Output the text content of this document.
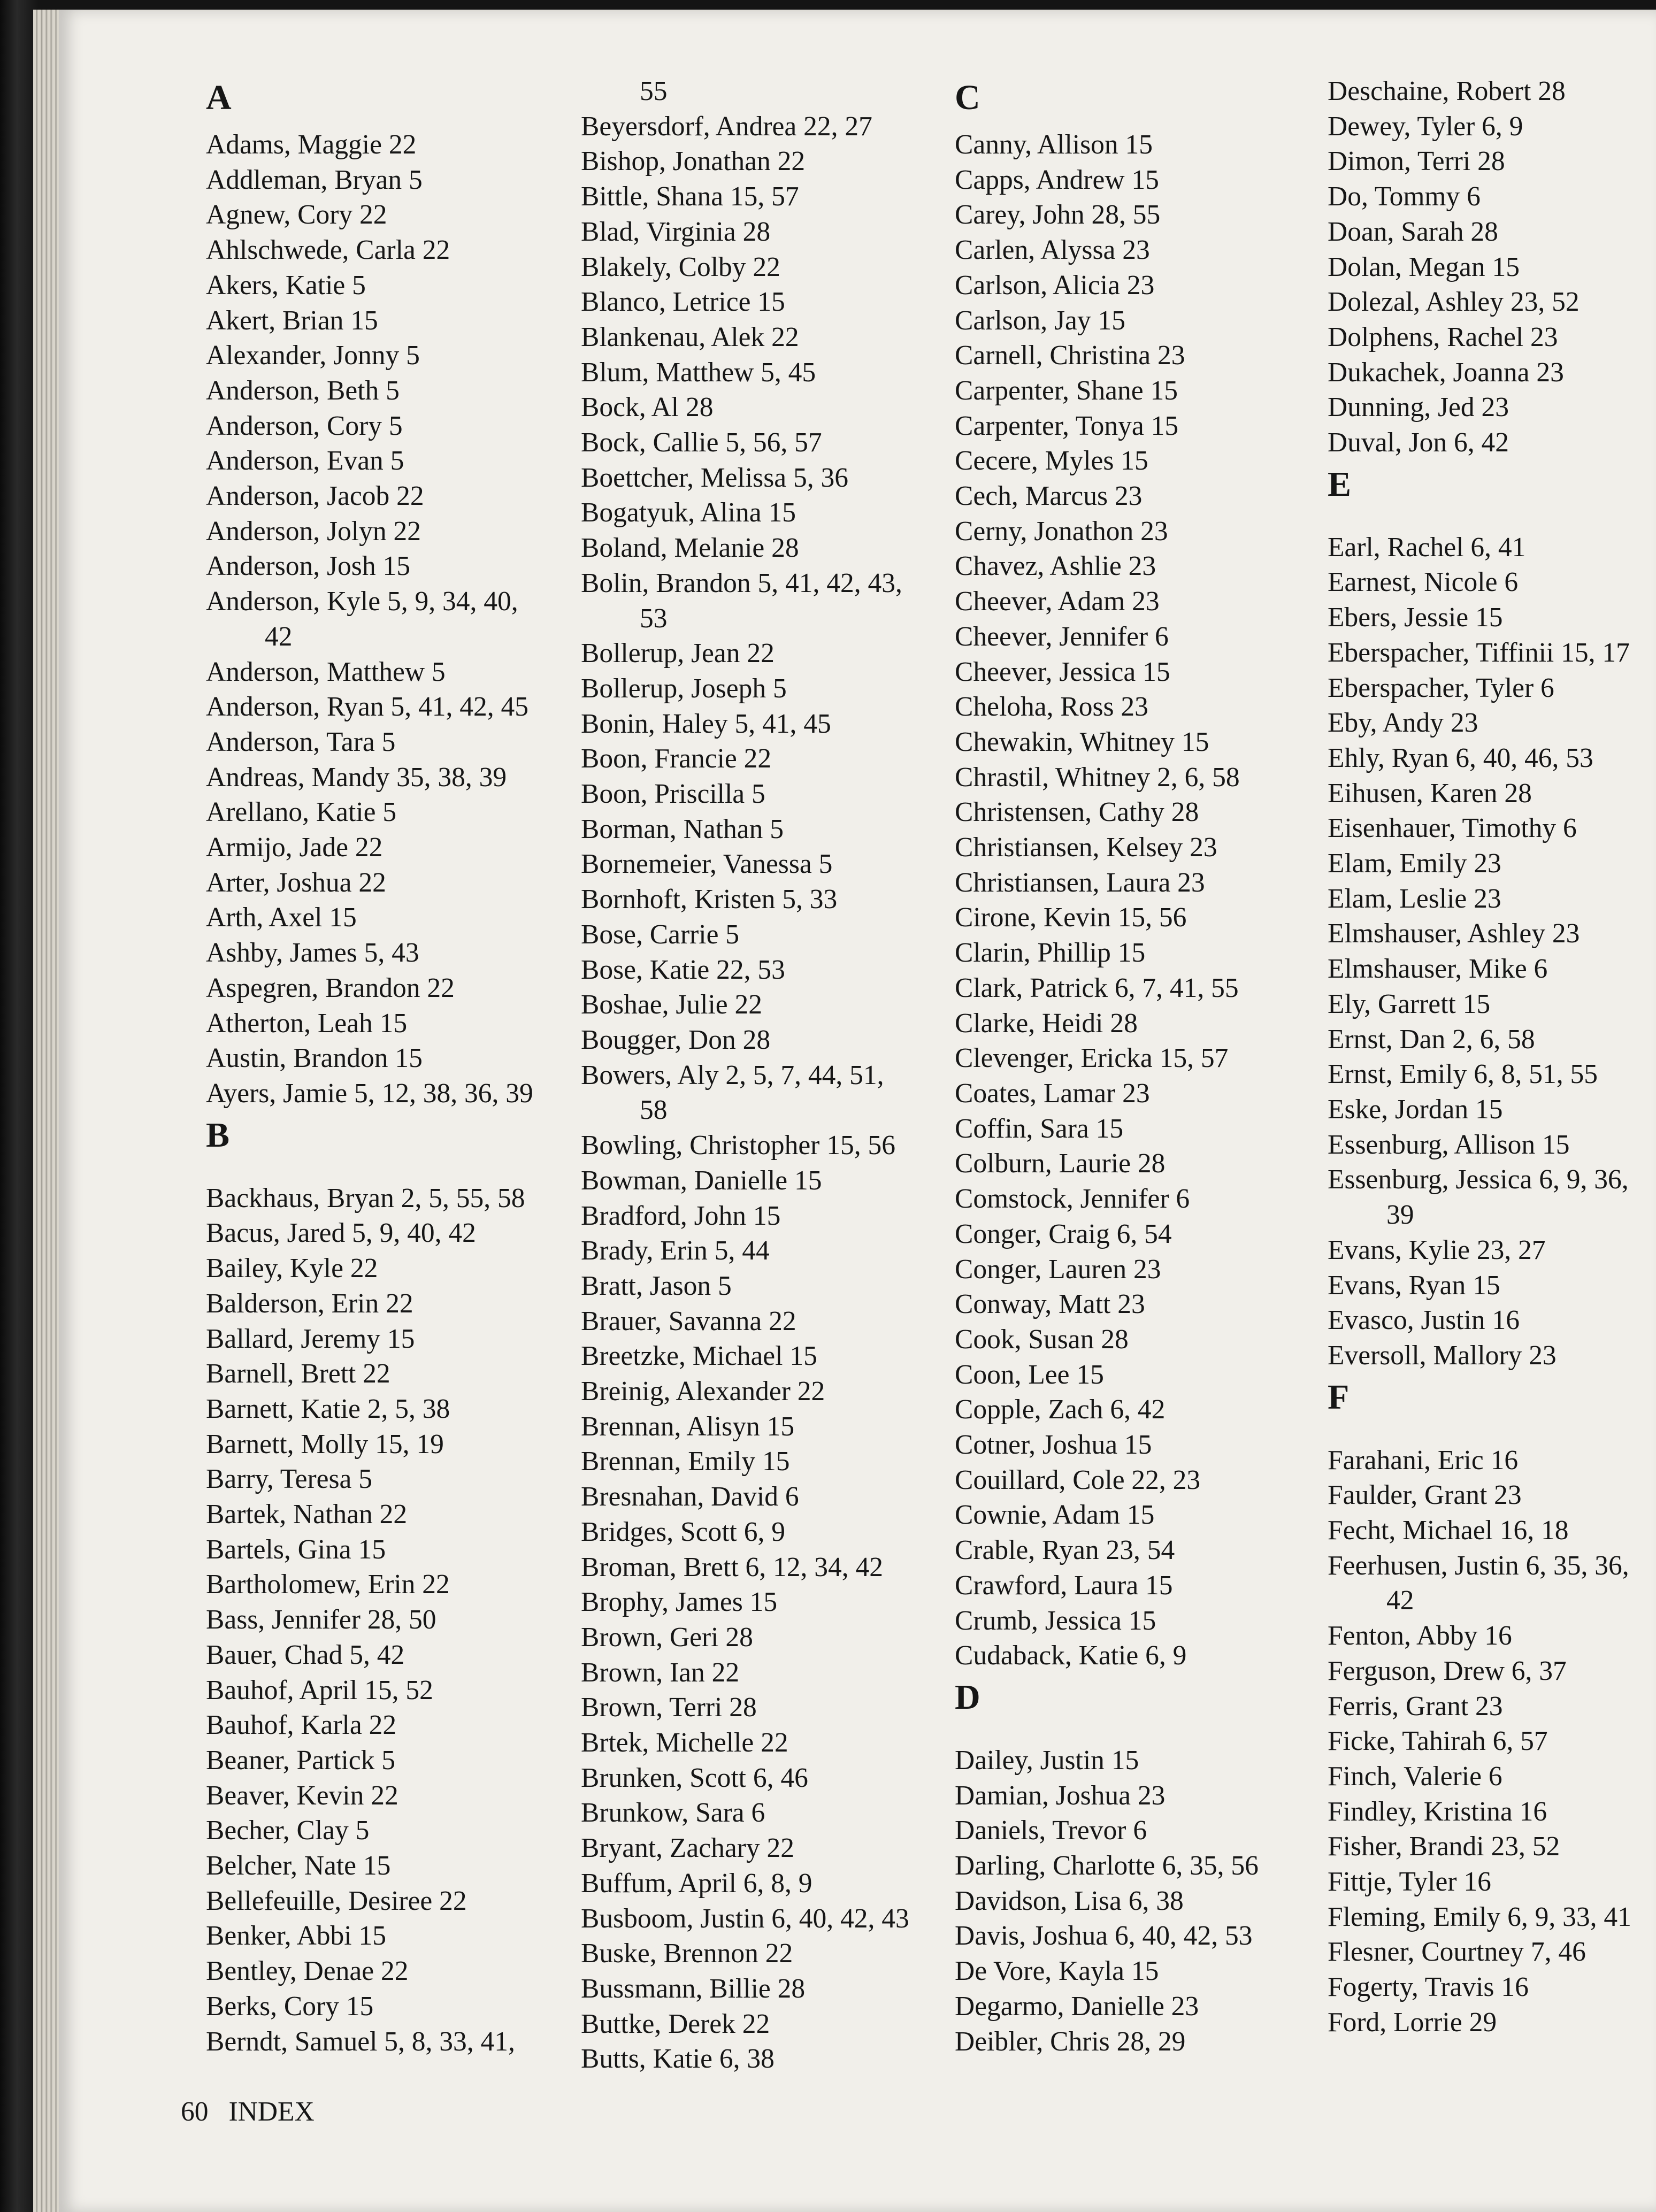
A
Adams, Maggie 22
Addleman, Bryan 5
Agnew, Cory 22
Ahlschwede, Carla 22
Akers, Katie 5
Akert, Brian 15
Alexander, Jonny 5
Anderson, Beth 5
Anderson, Cory 5
Anderson, Evan 5
Anderson, Jacob 22
Anderson, Jolyn 22
Anderson, Josh 15
Anderson, Kyle 5, 9, 34, 40,
42
Anderson, Matthew 5
Anderson, Ryan 5, 41, 42, 45
Anderson, Tara 5
Andreas, Mandy 35, 38, 39
Arellano, Katie 5
Armijo, Jade 22
Arter, Joshua 22
Arth, Axel 15
Ashby, James 5, 43
Aspegren, Brandon 22
Atherton, Leah 15
Austin, Brandon 15
Ayers, Jamie 5, 12, 38, 36, 39
B
Backhaus, Bryan 2, 5, 55, 58
Bacus, Jared 5, 9, 40, 42
Bailey, Kyle 22
Balderson, Erin 22
Ballard, Jeremy 15
Barnell, Brett 22
Barnett, Katie 2, 5, 38
Barnett, Molly 15, 19
Barry, Teresa 5
Bartek, Nathan 22
Bartels, Gina 15
Bartholomew, Erin 22
Bass, Jennifer 28, 50
Bauer, Chad 5, 42
Bauhof, April 15, 52
Bauhof, Karla 22
Beaner, Partick 5
Beaver, Kevin 22
Becher, Clay 5
Belcher, Nate 15
Bellefeuille, Desiree 22
Benker, Abbi 15
Bentley, Denae 22
Berks, Cory 15
Berndt, Samuel 5, 8, 33, 41,
55
Beyersdorf, Andrea 22, 27
Bishop, Jonathan 22
Bittle, Shana 15, 57
Blad, Virginia 28
Blakely, Colby 22
Blanco, Letrice 15
Blankenau, Alek 22
Blum, Matthew 5, 45
Bock, Al 28
Bock, Callie 5, 56, 57
Boettcher, Melissa 5, 36
Bogatyuk, Alina 15
Boland, Melanie 28
Bolin, Brandon 5, 41, 42, 43,
53
Bollerup, Jean 22
Bollerup, Joseph 5
Bonin, Haley 5, 41, 45
Boon, Francie 22
Boon, Priscilla 5
Borman, Nathan 5
Bornemeier, Vanessa 5
Bornhoft, Kristen 5, 33
Bose, Carrie 5
Bose, Katie 22, 53
Boshae, Julie 22
Bougger, Don 28
Bowers, Aly 2, 5, 7, 44, 51,
58
Bowling, Christopher 15, 56
Bowman, Danielle 15
Bradford, John 15
Brady, Erin 5, 44
Bratt, Jason 5
Brauer, Savanna 22
Breetzke, Michael 15
Breinig, Alexander 22
Brennan, Alisyn 15
Brennan, Emily 15
Bresnahan, David 6
Bridges, Scott 6, 9
Broman, Brett 6, 12, 34, 42
Brophy, James 15
Brown, Geri 28
Brown, Ian 22
Brown, Terri 28
Brtek, Michelle 22
Brunken, Scott 6, 46
Brunkow, Sara 6
Bryant, Zachary 22
Buffum, April 6, 8, 9
Busboom, Justin 6, 40, 42, 43
Buske, Brennon 22
Bussmann, Billie 28
Buttke, Derek 22
Butts, Katie 6, 38
C
Canny, Allison 15
Capps, Andrew 15
Carey, John 28, 55
Carlen, Alyssa 23
Carlson, Alicia 23
Carlson, Jay 15
Carnell, Christina 23
Carpenter, Shane 15
Carpenter, Tonya 15
Cecere, Myles 15
Cech, Marcus 23
Cerny, Jonathon 23
Chavez, Ashlie 23
Cheever, Adam 23
Cheever, Jennifer 6
Cheever, Jessica 15
Cheloha, Ross 23
Chewakin, Whitney 15
Chrastil, Whitney 2, 6, 58
Christensen, Cathy 28
Christiansen, Kelsey 23
Christiansen, Laura 23
Cirone, Kevin 15, 56
Clarin, Phillip 15
Clark, Patrick 6, 7, 41, 55
Clarke, Heidi 28
Clevenger, Ericka 15, 57
Coates, Lamar 23
Coffin, Sara 15
Colburn, Laurie 28
Comstock, Jennifer 6
Conger, Craig 6, 54
Conger, Lauren 23
Conway, Matt 23
Cook, Susan 28
Coon, Lee 15
Copple, Zach 6, 42
Cotner, Joshua 15
Couillard, Cole 22, 23
Cownie, Adam 15
Crable, Ryan 23, 54
Crawford, Laura 15
Crumb, Jessica 15
Cudaback, Katie 6, 9
D
Dailey, Justin 15
Damian, Joshua 23
Daniels, Trevor 6
Darling, Charlotte 6, 35, 56
Davidson, Lisa 6, 38
Davis, Joshua 6, 40, 42, 53
De Vore, Kayla 15
Degarmo, Danielle 23
Deibler, Chris 28, 29
Deschaine, Robert 28
Dewey, Tyler 6, 9
Dimon, Terri 28
Do, Tommy 6
Doan, Sarah 28
Dolan, Megan 15
Dolezal, Ashley 23, 52
Dolphens, Rachel 23
Dukachek, Joanna 23
Dunning, Jed 23
Duval, Jon 6, 42
E
Earl, Rachel 6, 41
Earnest, Nicole 6
Ebers, Jessie 15
Eberspacher, Tiffinii 15, 17
Eberspacher, Tyler 6
Eby, Andy 23
Ehly, Ryan 6, 40, 46, 53
Eihusen, Karen 28
Eisenhauer, Timothy 6
Elam, Emily 23
Elam, Leslie 23
Elmshauser, Ashley 23
Elmshauser, Mike 6
Ely, Garrett 15
Ernst, Dan 2, 6, 58
Ernst, Emily 6, 8, 51, 55
Eske, Jordan 15
Essenburg, Allison 15
Essenburg, Jessica 6, 9, 36,
39
Evans, Kylie 23, 27
Evans, Ryan 15
Evasco, Justin 16
Eversoll, Mallory 23
F
Farahani, Eric 16
Faulder, Grant 23
Fecht, Michael 16, 18
Feerhusen, Justin 6, 35, 36,
42
Fenton, Abby 16
Ferguson, Drew 6, 37
Ferris, Grant 23
Ficke, Tahirah 6, 57
Finch, Valerie 6
Findley, Kristina 16
Fisher, Brandi 23, 52
Fittje, Tyler 16
Fleming, Emily 6, 9, 33, 41
Flesner, Courtney 7, 46
Fogerty, Travis 16
Ford, Lorrie 29
60 INDEX
